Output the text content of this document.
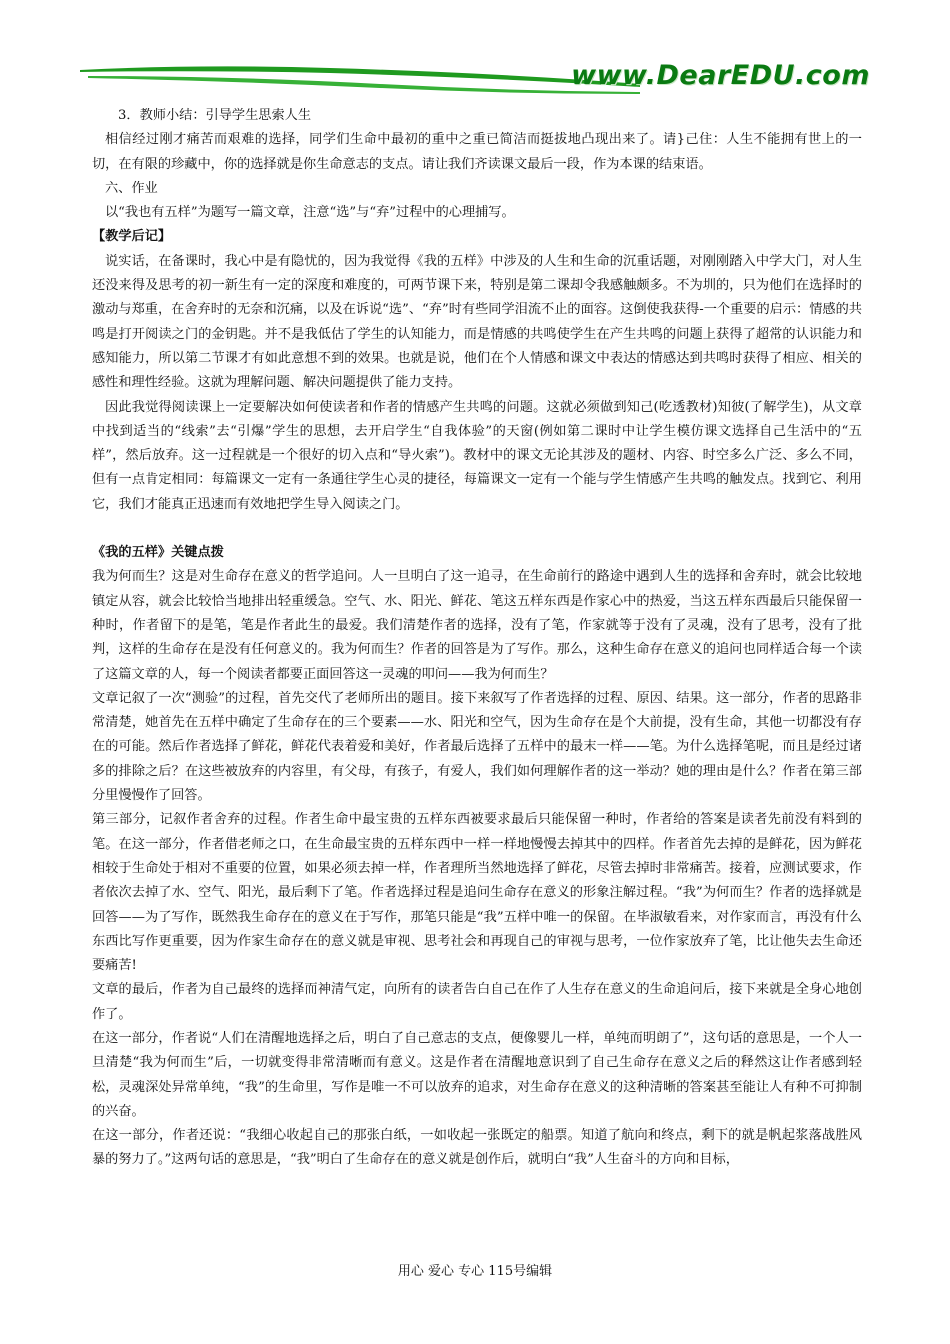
www.DearEDU.com

3．教师小结：引导学生思索人生

相信经过刚才痛苦而艰难的选择，同学们生命中最初的重中之重已简洁而挺拔地凸现出来了。请}己住：人生不能拥有世上的一切，在有限的珍藏中，你的选择就是你生命意志的支点。请让我们齐读课文最后一段，作为本课的结束语。

六、作业

以“我也有五样”为题写一篇文章，注意“选”与“弃”过程中的心理捕写。

【教学后记】

说实话，在备课时，我心中是有隐忧的，因为我觉得《我的五样》中涉及的人生和生命的沉重话题，对刚刚踏入中学大门，对人生还没来得及思考的初一新生有一定的深度和难度的，可两节课下来，特别是第二课却令我感触颇多。不为圳的，只为他们在选择时的激动与郑重，在舍弃时的无奈和沉痛，以及在诉说“选”、“弃”时有些同学泪流不止的面容。这倒使我获得-一个重要的启示：情感的共鸣是打开阅读之门的金钥匙。并不是我低估了学生的认知能力，而是情感的共鸣使学生在产生共鸣的问题上获得了超常的认识能力和感知能力，所以第二节课才有如此意想不到的效果。也就是说，他们在个人情感和课文中表达的情感达到共鸣时获得了相应、相关的感性和理性经验。这就为理解问题、解决问题提供了能力支持。

因此我觉得阅读课上一定要解决如何使读者和作者的情感产生共鸣的问题。这就必须做到知己(吃透教材)知彼(了解学生)，从文章中找到适当的“线索”去“引爆”学生的思想，去开启学生“自我体验”的天窗(例如第二课时中让学生模仿课文选择自己生活中的“五样”，然后放弃。这一过程就是一个很好的切入点和“导火索”)。教材中的课文无论其涉及的题材、内容、时空多么广泛、多么不同，但有一点肯定相同：每篇课文一定有一条通往学生心灵的捷径，每篇课文一定有一个能与学生情感产生共鸣的触发点。找到它、利用它，我们才能真正迅速而有效地把学生导入阅读之门。

《我的五样》关键点拨

我为何而生？这是对生命存在意义的哲学追问。人一旦明白了这一追寻，在生命前行的路途中遇到人生的选择和舍弃时，就会比较地镇定从容，就会比较恰当地排出轻重缓急。空气、水、阳光、鲜花、笔这五样东西是作家心中的热爱，当这五样东西最后只能保留一种时，作者留下的是笔，笔是作者此生的最爱。我们清楚作者的选择，没有了笔，作家就等于没有了灵魂，没有了思考，没有了批判，这样的生命存在是没有任何意义的。我为何而生？作者的回答是为了写作。那么，这种生命存在意义的追问也同样适合每一个读了这篇文章的人，每一个阅读者都要正面回答这一灵魂的叩问——我为何而生？

文章记叙了一次“测验”的过程，首先交代了老师所出的题目。接下来叙写了作者选择的过程、原因、结果。这一部分，作者的思路非常清楚，她首先在五样中确定了生命存在的三个要素——水、阳光和空气，因为生命存在是个大前提，没有生命，其他一切都没有存在的可能。然后作者选择了鲜花，鲜花代表着爱和美好，作者最后选择了五样中的最末一样——笔。为什么选择笔呢，而且是经过诸多的排除之后？在这些被放弃的内容里，有父母，有孩子，有爱人，我们如何理解作者的这一举动？她的理由是什么？作者在第三部分里慢慢作了回答。

第三部分，记叙作者舍弃的过程。作者生命中最宝贵的五样东西被要求最后只能保留一种时，作者给的答案是读者先前没有料到的笔。在这一部分，作者借老师之口，在生命最宝贵的五样东西中一样一样地慢慢去掉其中的四样。作者首先去掉的是鲜花，因为鲜花相较于生命处于相对不重要的位置，如果必须去掉一样，作者理所当然地选择了鲜花，尽管去掉时非常痛苦。接着，应测试要求，作者依次去掉了水、空气、阳光，最后剩下了笔。作者选择过程是追问生命存在意义的形象注解过程。“我”为何而生？作者的选择就是回答——为了写作，既然我生命存在的意义在于写作，那笔只能是“我”五样中唯一的保留。在毕淑敏看来，对作家而言，再没有什么东西比写作更重要，因为作家生命存在的意义就是审视、思考社会和再现自己的审视与思考，一位作家放弃了笔，比让他失去生命还要痛苦!

文章的最后，作者为自己最终的选择而神清气定，向所有的读者告白自己在作了人生存在意义的生命追问后，接下来就是全身心地创作了。

在这一部分，作者说“人们在清醒地选择之后，明白了自己意志的支点，便像婴儿一样，单纯而明朗了”，这句话的意思是，一个人一旦清楚“我为何而生”后，一切就变得非常清晰而有意义。这是作者在清醒地意识到了自己生命存在意义之后的释然这让作者感到轻松，灵魂深处异常单纯，“我”的生命里，写作是唯一不可以放弃的追求，对生命存在意义的这种清晰的答案甚至能让人有种不可抑制的兴奋。

在这一部分，作者还说：“我细心收起自己的那张白纸，一如收起一张既定的船票。知道了航向和终点，剩下的就是帆起浆落战胜风暴的努力了。”这两句话的意思是，“我”明白了生命存在的意义就是创作后，就明白“我”人生奋斗的方向和目标，

用心 爱心 专心 115号编辑
